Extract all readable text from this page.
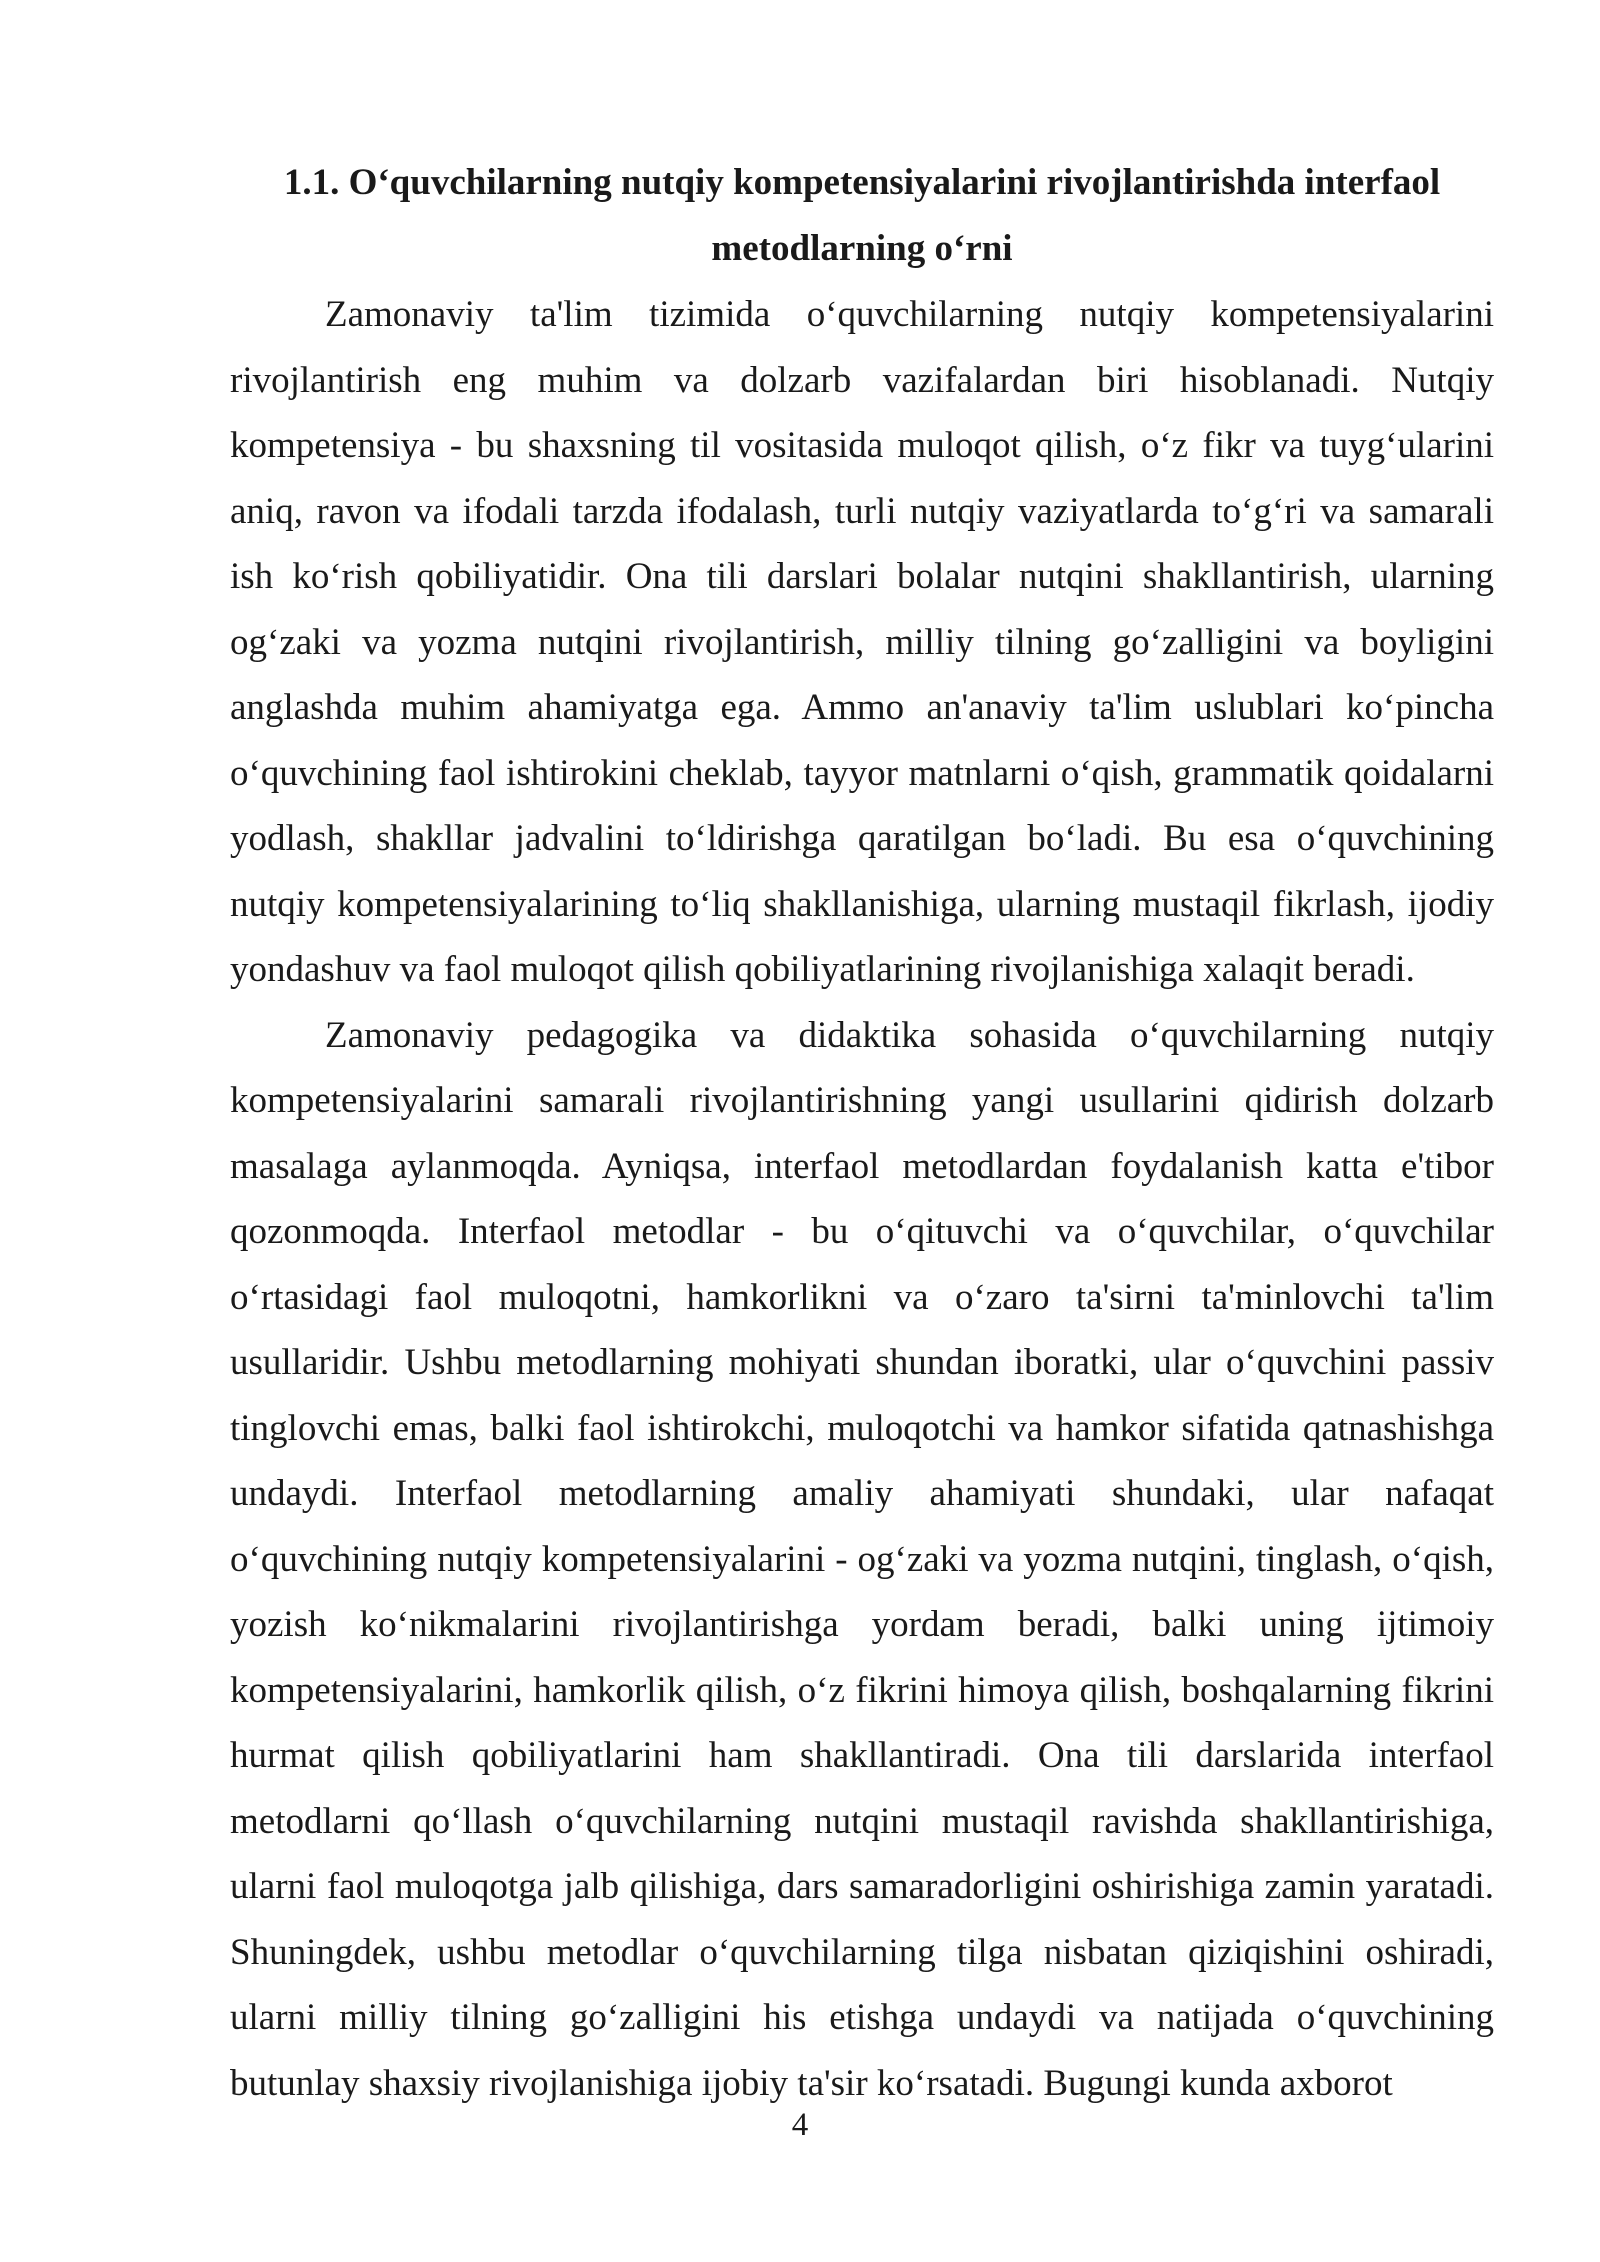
1.1. O‘quvchilarning nutqiy kompetensiyalarini rivojlantirishda interfaol metodlarning o‘rni

Zamonaviy ta'lim tizimida o‘quvchilarning nutqiy kompetensiyalarini rivojlantirish eng muhim va dolzarb vazifalardan biri hisoblanadi. Nutqiy kompetensiya - bu shaxsning til vositasida muloqot qilish, o‘z fikr va tuyg‘ularini aniq, ravon va ifodali tarzda ifodalash, turli nutqiy vaziyatlarda to‘g‘ri va samarali ish ko‘rish qobiliyatidir. Ona tili darslari bolalar nutqini shakllantirish, ularning og‘zaki va yozma nutqini rivojlantirish, milliy tilning go‘zalligini va boyligini anglashda muhim ahamiyatga ega. Ammo an'anaviy ta'lim uslublari ko‘pincha o‘quvchining faol ishtirokini cheklab, tayyor matnlarni o‘qish, grammatik qoidalarni yodlash, shakllar jadvalini to‘ldirishga qaratilgan bo‘ladi. Bu esa o‘quvchining nutqiy kompetensiyalarining to‘liq shakllanishiga, ularning mustaqil fikrlash, ijodiy yondashuv va faol muloqot qilish qobiliyatlarining rivojlanishiga xalaqit beradi.

Zamonaviy pedagogika va didaktika sohasida o‘quvchilarning nutqiy kompetensiyalarini samarali rivojlantirishning yangi usullarini qidirish dolzarb masalaga aylanmoqda. Ayniqsa, interfaol metodlardan foydalanish katta e'tibor qozonmoqda. Interfaol metodlar - bu o‘qituvchi va o‘quvchilar, o‘quvchilar o‘rtasidagi faol muloqotni, hamkorlikni va o‘zaro ta'sirni ta'minlovchi ta'lim usullaridir. Ushbu metodlarning mohiyati shundan iboratki, ular o‘quvchini passiv tinglovchi emas, balki faol ishtirokchi, muloqotchi va hamkor sifatida qatnashishga undaydi. Interfaol metodlarning amaliy ahamiyati shundaki, ular nafaqat o‘quvchining nutqiy kompetensiyalarini - og‘zaki va yozma nutqini, tinglash, o‘qish, yozish ko‘nikmalarini rivojlantirishga yordam beradi, balki uning ijtimoiy kompetensiyalarini, hamkorlik qilish, o‘z fikrini himoya qilish, boshqalarning fikrini hurmat qilish qobiliyatlarini ham shakllantiradi. Ona tili darslarida interfaol metodlarni qo‘llash o‘quvchilarning nutqini mustaqil ravishda shakllantirishiga, ularni faol muloqotga jalb qilishiga, dars samaradorligini oshirishiga zamin yaratadi. Shuningdek, ushbu metodlar o‘quvchilarning tilga nisbatan qiziqishini oshiradi, ularni milliy tilning go‘zalligini his etishga undaydi va natijada o‘quvchining butunlay shaxsiy rivojlanishiga ijobiy ta'sir ko‘rsatadi. Bugungi kunda axborot

4
